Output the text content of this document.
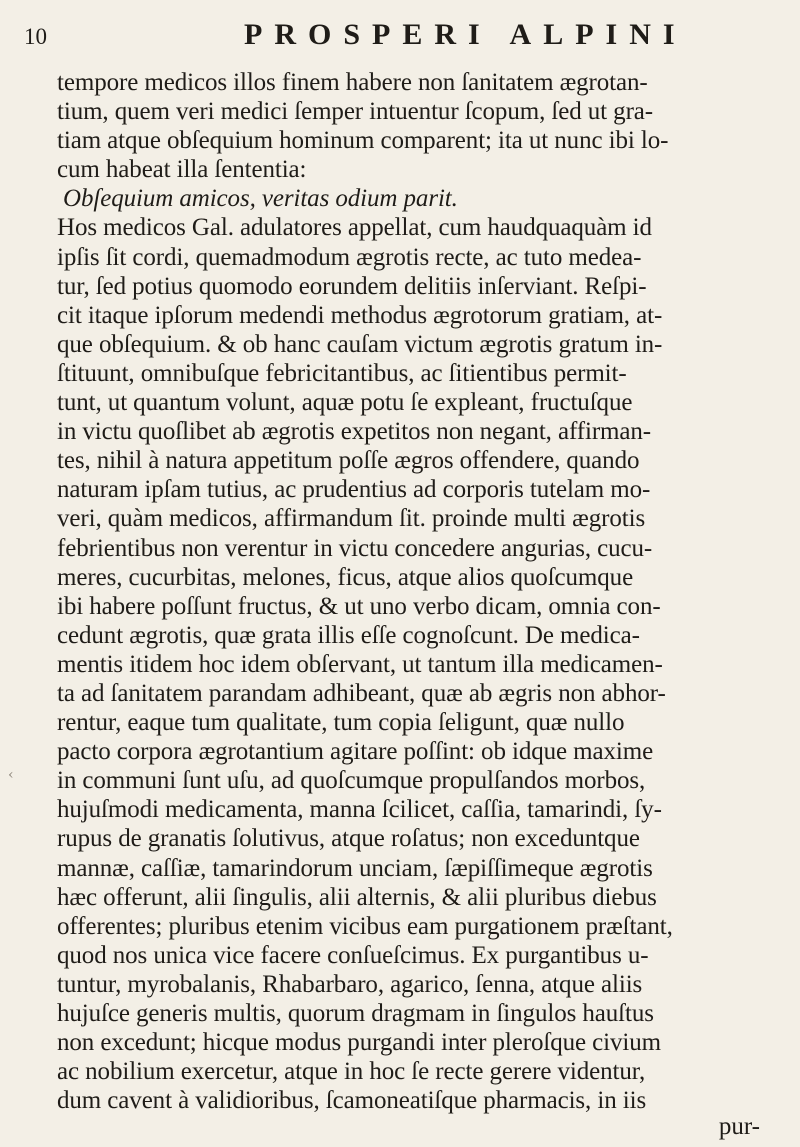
10	PROSPERI ALPINI
‹
tempore medicos illos finem habere non ſanitatem ægrotan-
tium, quem veri medici ſemper intuentur ſcopum, ſed ut gra-
tiam atque obſequium hominum comparent; ita ut nunc ibi lo-
cum habeat illa ſententia:
Obſequium amicos, veritas odium parit.
Hos medicos Gal. adulatores appellat, cum haudquaquàm id
ipſis ſit cordi, quemadmodum ægrotis recte, ac tuto medea-
tur, ſed potius quomodo eorundem delitiis inſerviant. Reſpi-
cit itaque ipſorum medendi methodus ægrotorum gratiam, at-
que obſequium. & ob hanc cauſam victum ægrotis gratum in-
ſtituunt, omnibuſque febricitantibus, ac ſitientibus permit-
tunt, ut quantum volunt, aquæ potu ſe expleant, fructuſque
in victu quoſlibet ab ægrotis expetitos non negant, affirman-
tes, nihil à natura appetitum poſſe ægros offendere, quando
naturam ipſam tutius, ac prudentius ad corporis tutelam mo-
veri, quàm medicos, affirmandum ſit. proinde multi ægrotis
febrientibus non verentur in victu concedere angurias, cucu-
meres, cucurbitas, melones, ficus, atque alios quoſcumque
ibi habere poſſunt fructus, & ut uno verbo dicam, omnia con-
cedunt ægrotis, quæ grata illis eſſe cognoſcunt. De medica-
mentis itidem hoc idem obſervant, ut tantum illa medicamen-
ta ad ſanitatem parandam adhibeant, quæ ab ægris non abhor-
rentur, eaque tum qualitate, tum copia ſeligunt, quæ nullo
pacto corpora ægrotantium agitare poſſint: ob idque maxime
in communi ſunt uſu, ad quoſcumque propulſandos morbos,
hujuſmodi medicamenta, manna ſcilicet, caſſia, tamarindi, ſy-
rupus de granatis ſolutivus, atque roſatus; non exceduntque
mannæ, caſſiæ, tamarindorum unciam, ſæpiſſimeque ægrotis
hæc offerunt, alii ſingulis, alii alternis, & alii pluribus diebus
offerentes; pluribus etenim vicibus eam purgationem præſtant,
quod nos unica vice facere conſueſcimus. Ex purgantibus u-
tuntur, myrobalanis, Rhabarbaro, agarico, ſenna, atque aliis
hujuſce generis multis, quorum dragmam in ſingulos hauſtus
non excedunt; hicque modus purgandi inter pleroſque civium
ac nobilium exercetur, atque in hoc ſe recte gerere videntur,
dum cavent à validioribus, ſcamoneatiſque pharmacis, in iis
pur-
